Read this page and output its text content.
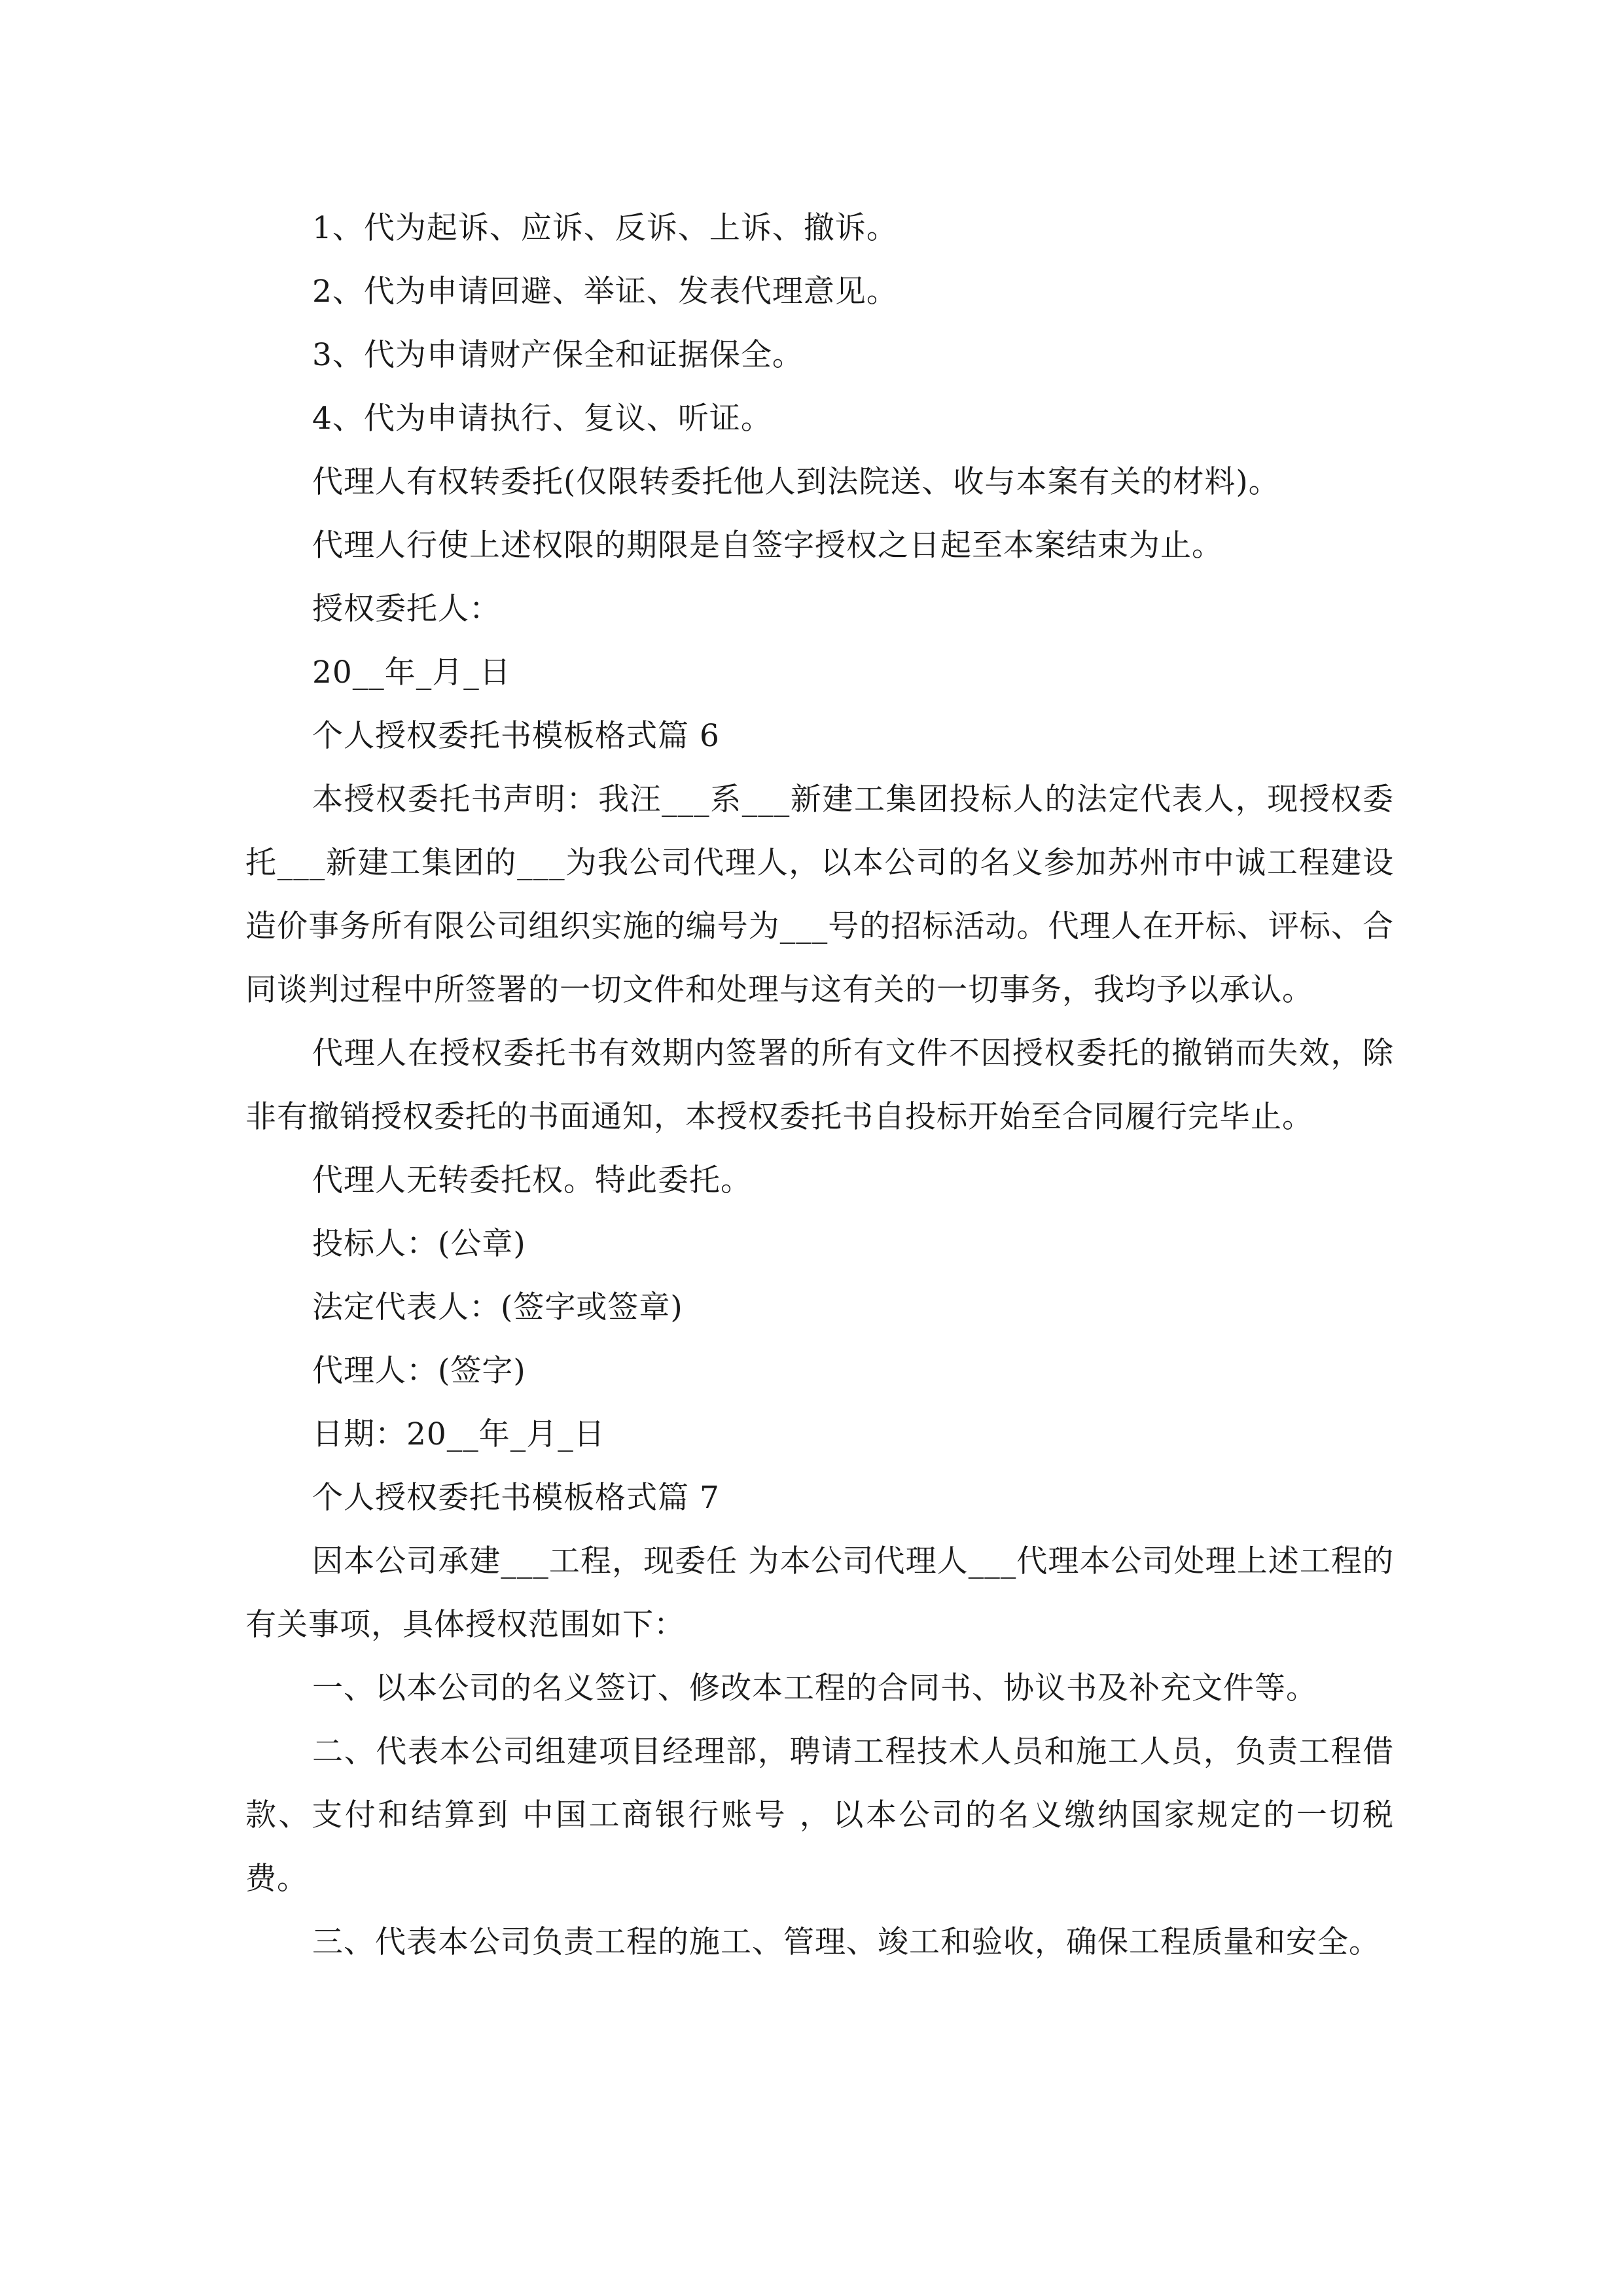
1、代为起诉、应诉、反诉、上诉、撤诉。
2、代为申请回避、举证、发表代理意见。
3、代为申请财产保全和证据保全。
4、代为申请执行、复议、听证。
代理人有权转委托(仅限转委托他人到法院送、收与本案有关的材料)。
代理人行使上述权限的期限是自签字授权之日起至本案结束为止。
授权委托人：
20__年_月_日
个人授权委托书模板格式篇 6
本授权委托书声明：我汪___系___新建工集团投标人的法定代表人，现授权委托___新建工集团的___为我公司代理人，以本公司的名义参加苏州市中诚工程建设造价事务所有限公司组织实施的编号为___号的招标活动。代理人在开标、评标、合同谈判过程中所签署的一切文件和处理与这有关的一切事务，我均予以承认。
代理人在授权委托书有效期内签署的所有文件不因授权委托的撤销而失效，除非有撤销授权委托的书面通知，本授权委托书自投标开始至合同履行完毕止。
代理人无转委托权。特此委托。
投标人：(公章)
法定代表人：(签字或签章)
代理人：(签字)
日期：20__年_月_日
个人授权委托书模板格式篇 7
因本公司承建___工程，现委任 为本公司代理人___代理本公司处理上述工程的有关事项，具体授权范围如下：
一、以本公司的名义签订、修改本工程的合同书、协议书及补充文件等。
二、代表本公司组建项目经理部，聘请工程技术人员和施工人员，负责工程借款、支付和结算到 中国工商银行账号 ，以本公司的名义缴纳国家规定的一切税费。
三、代表本公司负责工程的施工、管理、竣工和验收，确保工程质量和安全。
